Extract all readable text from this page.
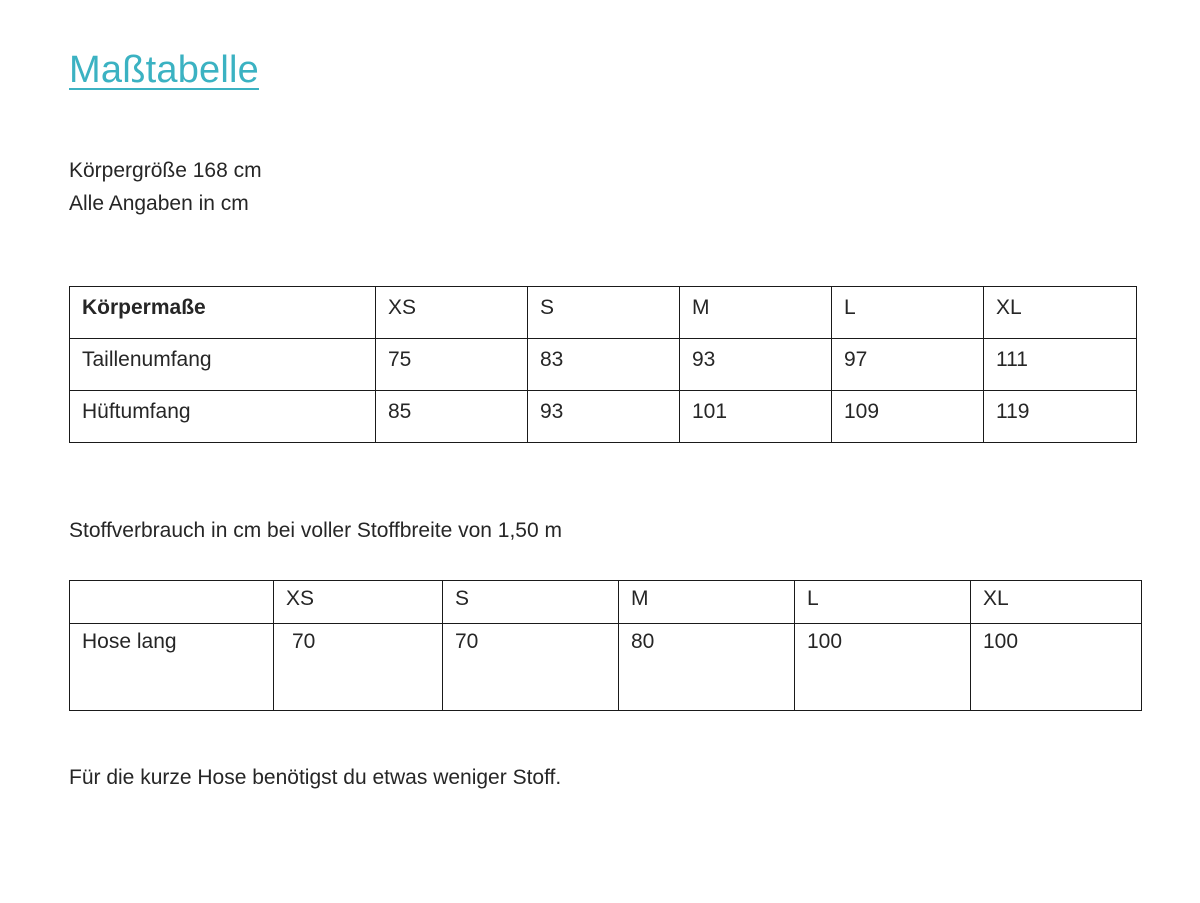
Maßtabelle
Körpergröße 168 cm
Alle Angaben in cm
Körpermaße	XS	S	M	L	XL
Taillenumfang	75	83	93	97	111
Hüftumfang	85	93	101	109	119
Stoffverbrauch in cm bei voller Stoffbreite von 1,50 m
	XS	S	M	L	XL
Hose lang	70	70	80	100	100
Für die kurze Hose benötigst du etwas weniger Stoff.
